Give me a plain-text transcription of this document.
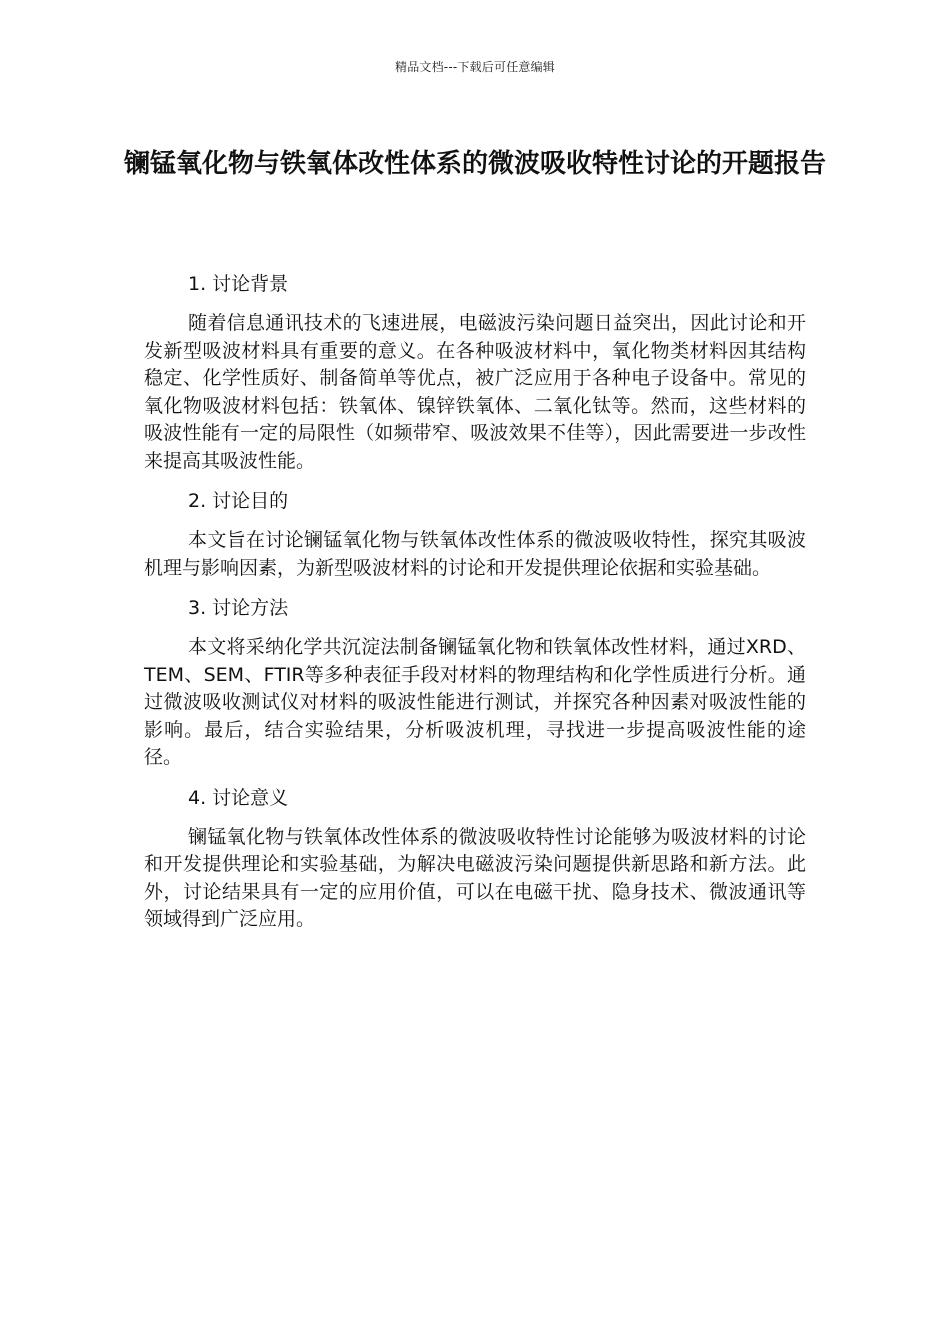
精品文档---下载后可任意编辑
镧锰氧化物与铁氧体改性体系的微波吸收特性讨论的开题报告
1. 讨论背景

随着信息通讯技术的飞速进展，电磁波污染问题日益突出，因此讨论和开发新型吸波材料具有重要的意义。在各种吸波材料中，氧化物类材料因其结构稳定、化学性质好、制备简单等优点，被广泛应用于各种电子设备中。常见的氧化物吸波材料包括：铁氧体、镍锌铁氧体、二氧化钛等。然而，这些材料的吸波性能有一定的局限性（如频带窄、吸波效果不佳等），因此需要进一步改性来提高其吸波性能。

2. 讨论目的

本文旨在讨论镧锰氧化物与铁氧体改性体系的微波吸收特性，探究其吸波机理与影响因素，为新型吸波材料的讨论和开发提供理论依据和实验基础。

3. 讨论方法

本文将采纳化学共沉淀法制备镧锰氧化物和铁氧体改性材料，通过XRD、TEM、SEM、FTIR等多种表征手段对材料的物理结构和化学性质进行分析。通过微波吸收测试仪对材料的吸波性能进行测试，并探究各种因素对吸波性能的影响。最后，结合实验结果，分析吸波机理，寻找进一步提高吸波性能的途径。

4. 讨论意义

镧锰氧化物与铁氧体改性体系的微波吸收特性讨论能够为吸波材料的讨论和开发提供理论和实验基础，为解决电磁波污染问题提供新思路和新方法。此外，讨论结果具有一定的应用价值，可以在电磁干扰、隐身技术、微波通讯等领域得到广泛应用。
